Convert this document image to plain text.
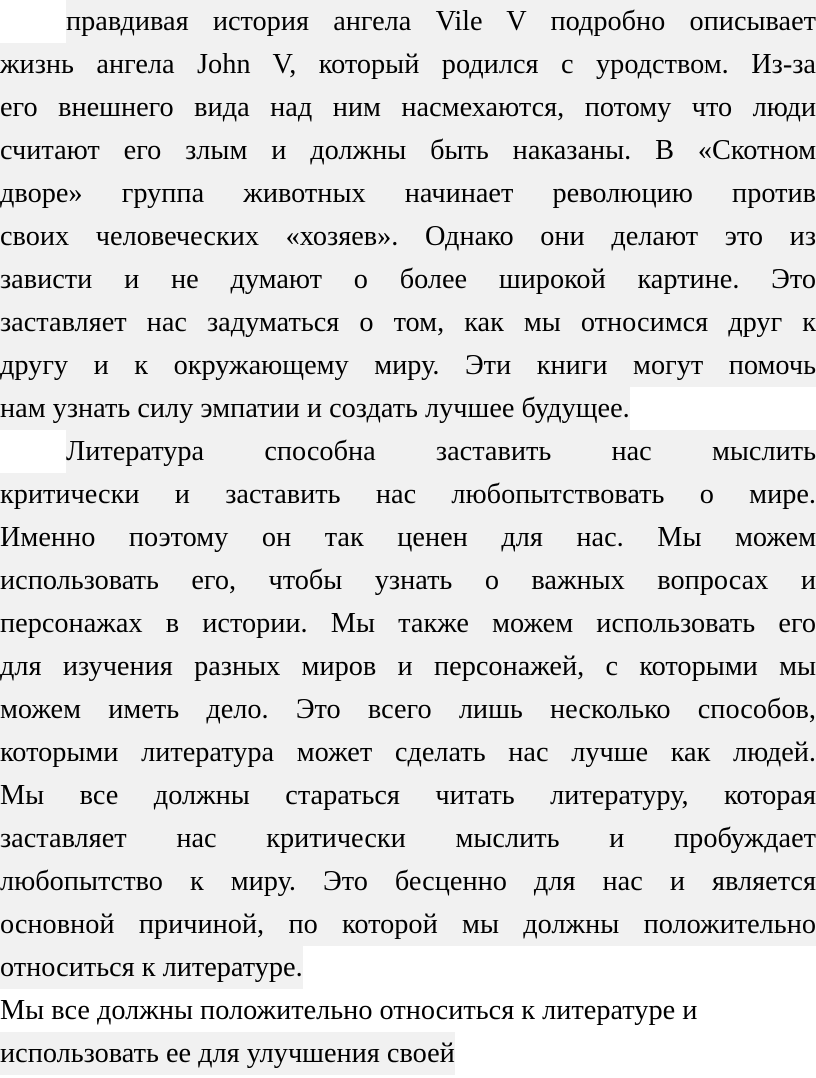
правдивая история ангела Vile V подробно описывает
жизнь ангела John V, который родился с уродством. Из-за
его внешнего вида над ним насмехаются, потому что люди
считают его злым и должны быть наказаны. В «Скотном
дворе» группа животных начинает революцию против
своих человеческих «хозяев». Однако они делают это из
зависти и не думают о более широкой картине. Это
заставляет нас задуматься о том, как мы относимся друг к
другу и к окружающему миру. Эти книги могут помочь
нам узнать силу эмпатии и создать лучшее будущее.
Литература способна заставить нас мыслить
критически и заставить нас любопытствовать о мире.
Именно поэтому он так ценен для нас. Мы можем
использовать его, чтобы узнать о важных вопросах и
персонажах в истории. Мы также можем использовать его
для изучения разных миров и персонажей, с которыми мы
можем иметь дело. Это всего лишь несколько способов,
которыми литература может сделать нас лучше как людей.
Мы все должны стараться читать литературу, которая
заставляет нас критически мыслить и пробуждает
любопытство к миру. Это бесценно для нас и является
основной причиной, по которой мы должны положительно
относиться к литературе.
Мы все должны положительно относиться к литературе и
использовать ее для улучшения своей
